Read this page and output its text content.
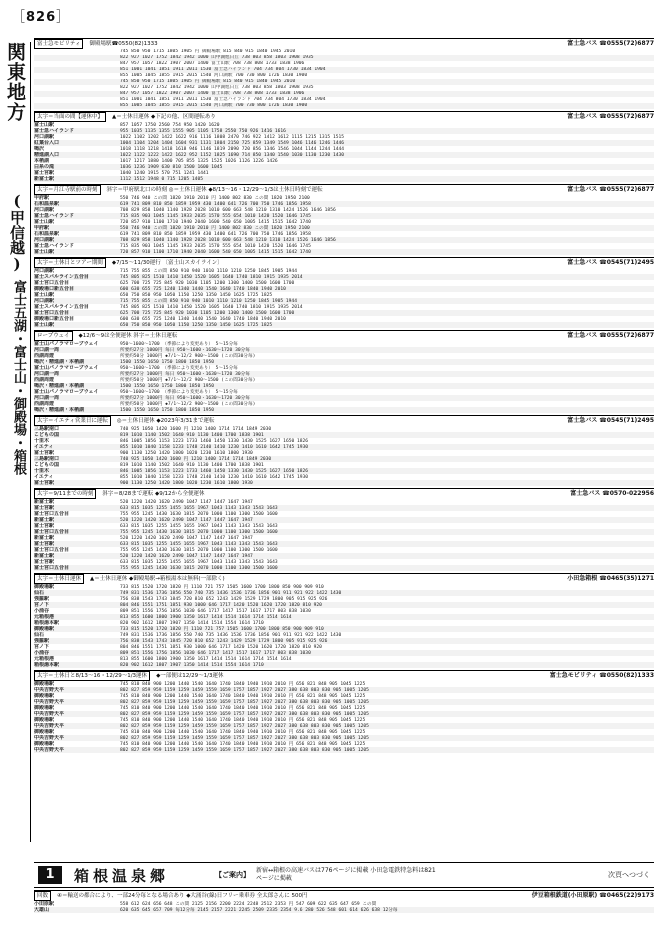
［826］
関東地方
(甲信越)
富士五湖・富士山・御殿場・箱根
富士急モビリティ	御殿場駅☎0550(82)1333	富士急バス ☎0555(72)6877
745 850 950 1715 1805 1905 円 御殿場駅 815 840 915 1840 1945 2010
822 927 1027 1752 1842 1942 1000 山中湖旭日丘 738 803 858 1803 1908 1935
847 957 1057 1822 1907 2007 1400 富士山駅 708 738 808 1733 1838 1906
851 1001 1041 1851 1911 2011 1530 富士急ハイランド 704 734 804 1730 1834 1904
855 1005 1045 1855 1915 2015 1540 河口湖駅 700 730 800 1726 1830 1900
745 850 950 1715 1805 1905 円 御殿場駅 815 840 915 1840 1945 2010
822 927 1027 1752 1842 1942 1000 山中湖旭日丘 738 803 858 1803 1908 1935
847 957 1057 1822 1907 2007 1400 富士山駅 708 738 808 1733 1838 1906
851 1001 1041 1851 1911 2011 1530 富士急ハイランド 704 734 804 1730 1834 1904
855 1005 1045 1855 1915 2015 1540 河口湖駅 700 730 800 1726 1830 1900
太字＝当面の間【運休中】	▲＝土休日運休 ◆下記の他、区間運転あり	富士急バス ☎0555(72)6877
富士山駅	857 1057 1750 2560 754 950 1420 1620
富士急ハイランド	955 1035 1135 1355 1555 905 1105 1758 2550 750 926 1416 1616
河口湖駅	1022 1102 1202 1422 1622 916 1116 1808 2470 746 922 1412 1612 1115 1215 1315 1515
紅葉台入口	1004 1104 1204 1404 1604 931 1131 1804 2150 725 859 1349 1549 1046 1146 1246 1446
鳴沢	1018 1118 1218 1418 1618 946 1146 1819 2090 720 856 1346 1546 1044 1144 1244 1444
精進湖入口	1022 1122 1222 1422 1622 952 1152 1825 1690 714 850 1340 1540 1030 1130 1230 1430
本栖湖	1017 1217 1880 1400 705 855 1325 1525 1026 1126 1226 1426
白糸の滝	1036 1236 1909 630 810 1500 1600 1045
富士宮駅	1040 1240 1915 570 751 1241 1441
新富士駅	1112 1512 1948 0 715 1205 1405
太字＝月江寺駅前の時刻	斜字＝甲府駅北口の時刻 ◎＝土休日運休 ◆8/13〜16・12/29〜1/3は土休日時刻で運転	富士急バス ☎0555(72)6877
甲府駅	550 746 940 この間 1820 1910 2010 円 1400 802 830 この間 1820 1950 2100
石和温泉駅	619 741 809 810 850 1859 1959 430 1400 641 726 700 750 1746 1856 1958
河口湖駅	708 829 858 1040 1140 1928 2028 1010 600 663 548 1210 1310 1424 1526 1646 1856
富士急ハイランド	715 835 903 1045 1145 1933 2035 1570 555 654 1010 1420 1520 1646 1745
富士山駅	720 857 910 1100 1710 1940 2040 1600 540 650 1005 1415 1515 1642 1740
甲府駅	550 746 940 この間 1820 1910 2010 円 1400 802 830 この間 1820 1950 2100
石和温泉駅	619 741 809 810 850 1859 1959 430 1400 641 726 700 750 1746 1856 1958
河口湖駅	708 829 858 1040 1140 1928 2028 1010 600 663 548 1210 1310 1424 1526 1646 1856
富士急ハイランド	715 835 903 1045 1145 1933 2035 1570 555 654 1010 1420 1520 1646 1745
富士山駅	720 857 910 1100 1710 1940 2040 1600 540 650 1005 1415 1515 1642 1740
太字＝土休日とツアー期間	◆7/15〜11/30運行 〔富士山スカイライン〕	富士急バス ☎0545(71)2495
河口湖駅	715 755 855 この間 850 910 940 1010 1110 1210 1250 1845 1905 1944
富士スバルライン五合目	745 805 825 1510 1410 1450 1520 1605 1640 1740 1810 1915 1935 2014
富士宮口五合目	625 700 725 725 845 920 1030 1105 1200 1300 1400 1500 1600 1700
御殿場口新五合目	600 630 655 725 1240 1340 1440 1540 1640 1740 1840 1940 2010
富士山駅	650 750 850 950 1050 1150 1250 1350 1450 1625 1725 1825
河口湖駅	715 755 855 この間 850 910 940 1010 1110 1210 1250 1845 1905 1944
富士スバルライン五合目	745 805 825 1510 1410 1450 1520 1605 1640 1740 1810 1915 1935 2014
富士宮口五合目	625 700 725 725 845 920 1030 1105 1200 1300 1400 1500 1600 1700
御殿場口新五合目	600 630 655 725 1240 1340 1440 1540 1640 1740 1840 1940 2010
富士山駅	650 750 850 950 1050 1150 1250 1350 1450 1625 1725 1825
ロープウェイ	◆12/6〜9は全便運休 斜字＝土休日運転	富士急バス ☎0555(72)6877
富士山パノラマロープウェイ	950〜1600〜1700 （季節により変更あり） 5〜15分毎
河口湖一周	所要約27分 1000円 毎日 950〜1600・1630〜1720 30分毎
西湖周遊	所要約50分 1000円 ◆7/1〜12/2 900〜1500 (この間30分毎)
鳴沢・精進湖・本栖湖	1500 1550 1650 1750 1800 1850 1950
富士山パノラマロープウェイ	950〜1600〜1700 （季節により変更あり） 5〜15分毎
河口湖一周	所要約27分 1000円 毎日 950〜1600・1630〜1720 30分毎
西湖周遊	所要約50分 1000円 ◆7/1〜12/2 900〜1500 (この間30分毎)
鳴沢・精進湖・本栖湖	1500 1550 1650 1750 1800 1850 1950
富士山パノラマロープウェイ	950〜1600〜1700 （季節により変更あり） 5〜15分毎
河口湖一周	所要約27分 1000円 毎日 950〜1600・1630〜1720 30分毎
西湖周遊	所要約50分 1000円 ◆7/1〜12/2 900〜1500 (この間30分毎)
鳴沢・精進湖・本栖湖	1500 1550 1650 1750 1800 1850 1950
太字＝イエティ営業日に運転	◎＝土休日運休 ◆2023年3/31まで運転	富士急バス ☎0545(71)2495
三島駅南口	740 925 1050 1420 1600 円 1210 1400 1714 1714 1849 2030
こどもの国	819 1010 1140 1502 1640 910 1130 1400 1700 1838 1901
十里木	846 1005 1056 1153 1223 1733 1460 1450 1330 1430 1525 1627 1650 1826
イエティ	855 1010 1040 1158 1233 1748 2140 1410 1230 1410 1610 1642 1745 1930
富士宮駅	900 1130 1250 1420 1800 1020 1230 1610 1800 1930
三島駅南口	740 925 1050 1420 1600 円 1210 1400 1714 1714 1849 2030
こどもの国	819 1010 1140 1502 1640 910 1130 1400 1700 1838 1901
十里木	846 1005 1056 1153 1223 1733 1460 1450 1330 1430 1525 1627 1650 1826
イエティ	855 1010 1040 1158 1233 1748 2140 1410 1230 1410 1610 1642 1745 1930
富士宮駅	900 1130 1250 1420 1800 1020 1230 1610 1800 1930
太字＝9/11までの時刻	斜字＝8/28まで運転 ◆9/12から全便運休	富士急バス ☎0570-022956
新富士駅	520 1220 1420 1620 2490 1047 1147 1447 1647 1947
富士宮駅	633 815 1035 1255 1455 1655 1967 1043 1143 1343 1543 1643
富士宮口五合目	755 955 1245 1430 1630 1815 2070 1000 1100 1300 1500 1600
新富士駅	520 1220 1420 1620 2490 1047 1147 1447 1647 1947
富士宮駅	633 815 1035 1255 1455 1655 1967 1043 1143 1343 1543 1643
富士宮口五合目	755 955 1245 1430 1630 1815 2070 1000 1100 1300 1500 1600
新富士駅	520 1220 1420 1620 2490 1047 1147 1447 1647 1947
富士宮駅	633 815 1035 1255 1455 1655 1967 1043 1143 1343 1543 1643
富士宮口五合目	755 955 1245 1430 1630 1815 2070 1000 1100 1300 1500 1600
新富士駅	520 1220 1420 1620 2490 1047 1147 1447 1647 1947
富士宮駅	633 815 1035 1255 1455 1655 1967 1043 1143 1343 1543 1643
富士宮口五合目	755 955 1245 1430 1630 1815 2070 1000 1100 1300 1500 1600
太字＝土休日運休	▲＝土休日運休 ◆御殿場駅→箱根湯本は無料(一部除く)	小田急箱根 ☎0465(35)1271
御殿場駅	733 815 1520 1720 1820 円 1110 721 757 1505 1600 1700 1800 850 900 909 910
仙石	749 831 1536 1736 1856 550 740 735 1436 1536 1736 1856 901 911 921 922 1422 1430
強羅駅	756 838 1543 1743 1845 720 810 652 1243 1429 1529 1729 1800 905 915 925 926
宮ノ下	804 846 1551 1751 1851 930 1000 646 1717 1420 1520 1620 1720 1820 810 920
小涌谷	809 851 1556 1756 1856 1030 646 1717 1417 1517 1617 1717 803 838 1030
元箱根港	813 855 1600 1800 1900 1350 1617 1414 1514 1614 1714 1514 1614
箱根湯本駅	820 902 1612 1807 1907 1350 1414 1514 1554 1614 1710
御殿場駅	733 815 1520 1720 1820 円 1110 721 757 1505 1600 1700 1800 850 900 909 910
仙石	749 831 1536 1736 1856 550 740 735 1436 1536 1736 1856 901 911 921 922 1422 1430
強羅駅	756 838 1543 1743 1845 720 810 652 1243 1429 1529 1729 1800 905 915 925 926
宮ノ下	804 846 1551 1751 1851 930 1000 646 1717 1420 1520 1620 1720 1820 810 920
小涌谷	809 851 1556 1756 1856 1030 646 1717 1417 1517 1617 1717 803 838 1030
元箱根港	813 855 1600 1800 1900 1350 1617 1414 1514 1614 1714 1514 1614
箱根湯本駅	820 902 1612 1807 1907 1350 1414 1514 1554 1614 1710
太字＝土休日と8/13〜16・12/29〜1/3運休	◆一部便は12/29〜1/3運休	富士急モビリティ ☎0550(82)1333
御殿場駅	745 810 840 900 1200 1440 1540 1640 1740 1840 1940 1910 2010 円 656 821 848 905 1045 1225
中央吉野天平	802 827 859 959 1159 1259 1459 1559 1659 1757 1857 1927 2027 380 638 803 830 905 1005 1205
御殿場駅	745 810 840 900 1200 1440 1540 1640 1740 1840 1940 1910 2010 円 656 821 848 905 1045 1225
中央吉野天平	802 827 859 959 1159 1259 1459 1559 1659 1757 1857 1927 2027 380 638 803 830 905 1005 1205
御殿場駅	745 810 840 900 1200 1440 1540 1640 1740 1840 1940 1910 2010 円 656 821 848 905 1045 1225
中央吉野天平	802 827 859 959 1159 1259 1459 1559 1659 1757 1857 1927 2027 380 638 803 830 905 1005 1205
御殿場駅	745 810 840 900 1200 1440 1540 1640 1740 1840 1940 1910 2010 円 656 821 848 905 1045 1225
中央吉野天平	802 827 859 959 1159 1259 1459 1559 1659 1757 1857 1927 2027 380 638 803 830 905 1005 1205
御殿場駅	745 810 840 900 1200 1440 1540 1640 1740 1840 1940 1910 2010 円 656 821 848 905 1045 1225
中央吉野天平	802 827 859 959 1159 1259 1459 1559 1659 1757 1857 1927 2027 380 638 803 830 905 1005 1205
御殿場駅	745 810 840 900 1200 1440 1540 1640 1740 1840 1940 1910 2010 円 656 821 848 905 1045 1225
中央吉野天平	802 827 859 959 1159 1259 1459 1559 1659 1757 1857 1927 2027 380 638 803 830 905 1005 1205
1	箱根温泉郷	【ご案内】
新宿↔箱根の高速バスは776ページに掲載 小田急電鉄特急料は821ページに掲載	次頁へつづく
回数	④＝輸送の都合により、一部24分毎となる場合あり ◆大涌谷(線)日フリー乗車券 全太郎さんに 500円	伊豆箱根鉄道(小田原駅) ☎0465(22)9173
小田原駅	558 612 624 656 648 この間 2125 2156 2200 2224 2248 2512 2353 円 547 609 622 635 647 659 この間
大雄山	620 635 645 657 709 毎12分毎 2145 2157 2221 2245 2509 2335 2354 9.6 280 526 548 601 614 626 638 12分毎
